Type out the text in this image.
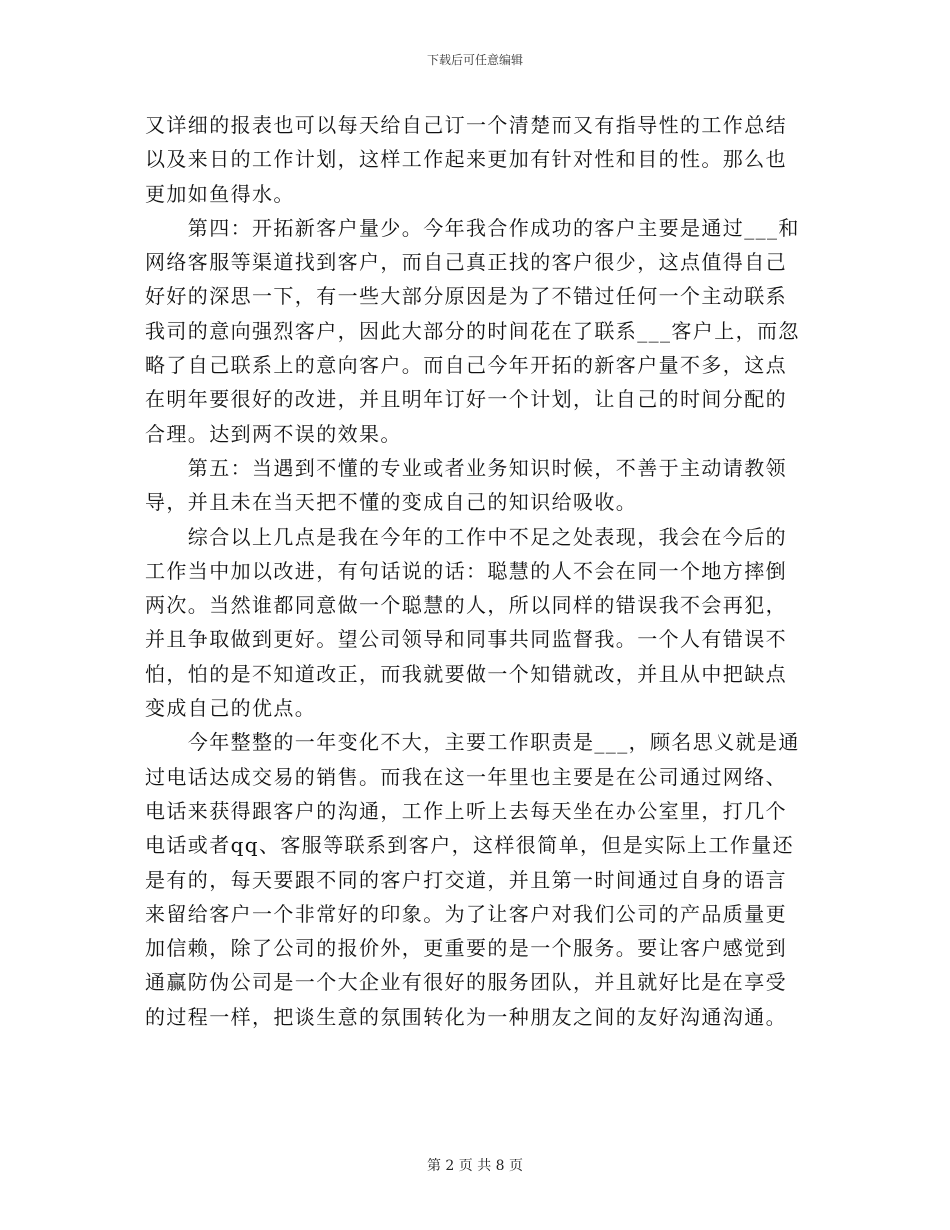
下载后可任意编辑
又详细的报表也可以每天给自己订一个清楚而又有指导性的工作总结
以及来日的工作计划，这样工作起来更加有针对性和目的性。那么也
更加如鱼得水。
　　第四：开拓新客户量少。今年我合作成功的客户主要是通过___和
网络客服等渠道找到客户，而自己真正找的客户很少，这点值得自己
好好的深思一下，有一些大部分原因是为了不错过任何一个主动联系
我司的意向强烈客户，因此大部分的时间花在了联系___客户上，而忽
略了自己联系上的意向客户。而自己今年开拓的新客户量不多，这点
在明年要很好的改进，并且明年订好一个计划，让自己的时间分配的
合理。达到两不误的效果。
　　第五：当遇到不懂的专业或者业务知识时候，不善于主动请教领
导，并且未在当天把不懂的变成自己的知识给吸收。
　　综合以上几点是我在今年的工作中不足之处表现，我会在今后的
工作当中加以改进，有句话说的话：聪慧的人不会在同一个地方摔倒
两次。当然谁都同意做一个聪慧的人，所以同样的错误我不会再犯，
并且争取做到更好。望公司领导和同事共同监督我。一个人有错误不
怕，怕的是不知道改正，而我就要做一个知错就改，并且从中把缺点
变成自己的优点。
　　今年整整的一年变化不大，主要工作职责是___，顾名思义就是通
过电话达成交易的销售。而我在这一年里也主要是在公司通过网络、
电话来获得跟客户的沟通，工作上听上去每天坐在办公室里，打几个
电话或者qq、客服等联系到客户，这样很简单，但是实际上工作量还
是有的，每天要跟不同的客户打交道，并且第一时间通过自身的语言
来留给客户一个非常好的印象。为了让客户对我们公司的产品质量更
加信赖，除了公司的报价外，更重要的是一个服务。要让客户感觉到
通赢防伪公司是一个大企业有很好的服务团队，并且就好比是在享受
的过程一样，把谈生意的氛围转化为一种朋友之间的友好沟通沟通。
第 2 页 共 8 页
